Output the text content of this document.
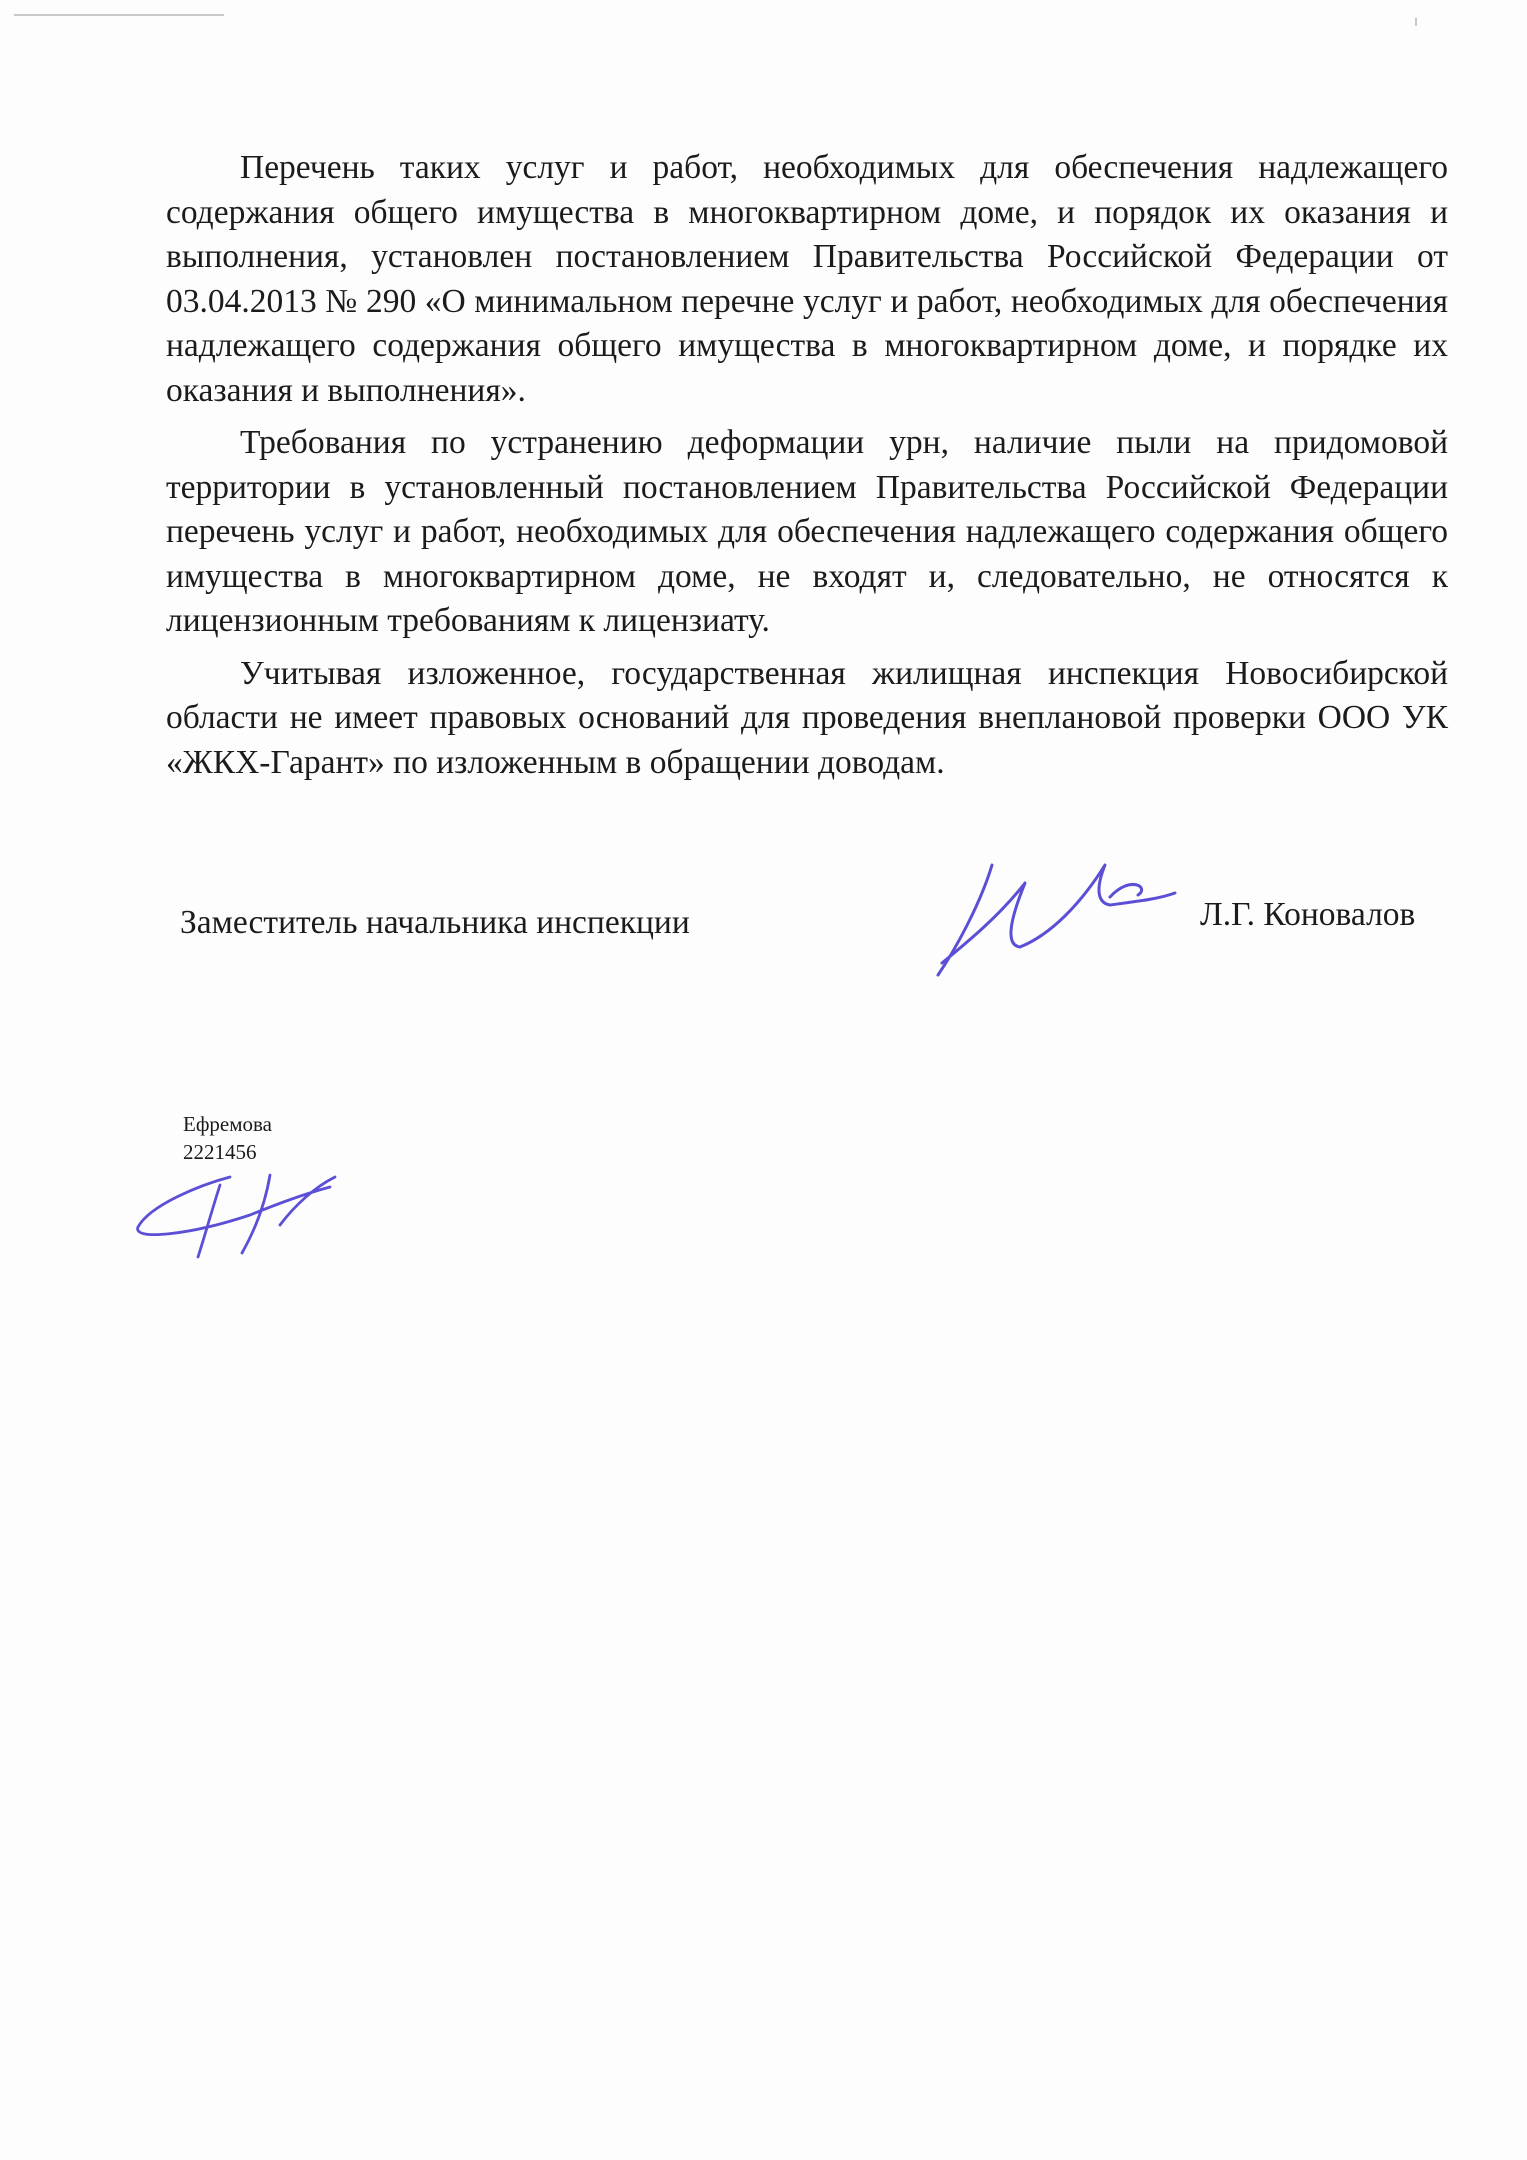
Перечень таких услуг и работ, необходимых для обеспечения надлежащего содержания общего имущества в многоквартирном доме, и порядок их оказания и выполнения, установлен постановлением Правительства Российской Федерации от 03.04.2013 № 290 «О минимальном перечне услуг и работ, необходимых для обеспечения надлежащего содержания общего имущества в многоквартирном доме, и порядке их оказания и выполнения».

Требования по устранению деформации урн, наличие пыли на придомовой территории в установленный постановлением Правительства Российской Федерации перечень услуг и работ, необходимых для обеспечения надлежащего содержания общего имущества в многоквартирном доме, не входят и, следовательно, не относятся к лицензионным требованиям к лицензиату.

Учитывая изложенное, государственная жилищная инспекция Новосибирской области не имеет правовых оснований для проведения внеплановой проверки ООО УК «ЖКХ-Гарант» по изложенным в обращении доводам.

Заместитель начальника инспекции	Л.Г. Коновалов
Ефремова
2221456
